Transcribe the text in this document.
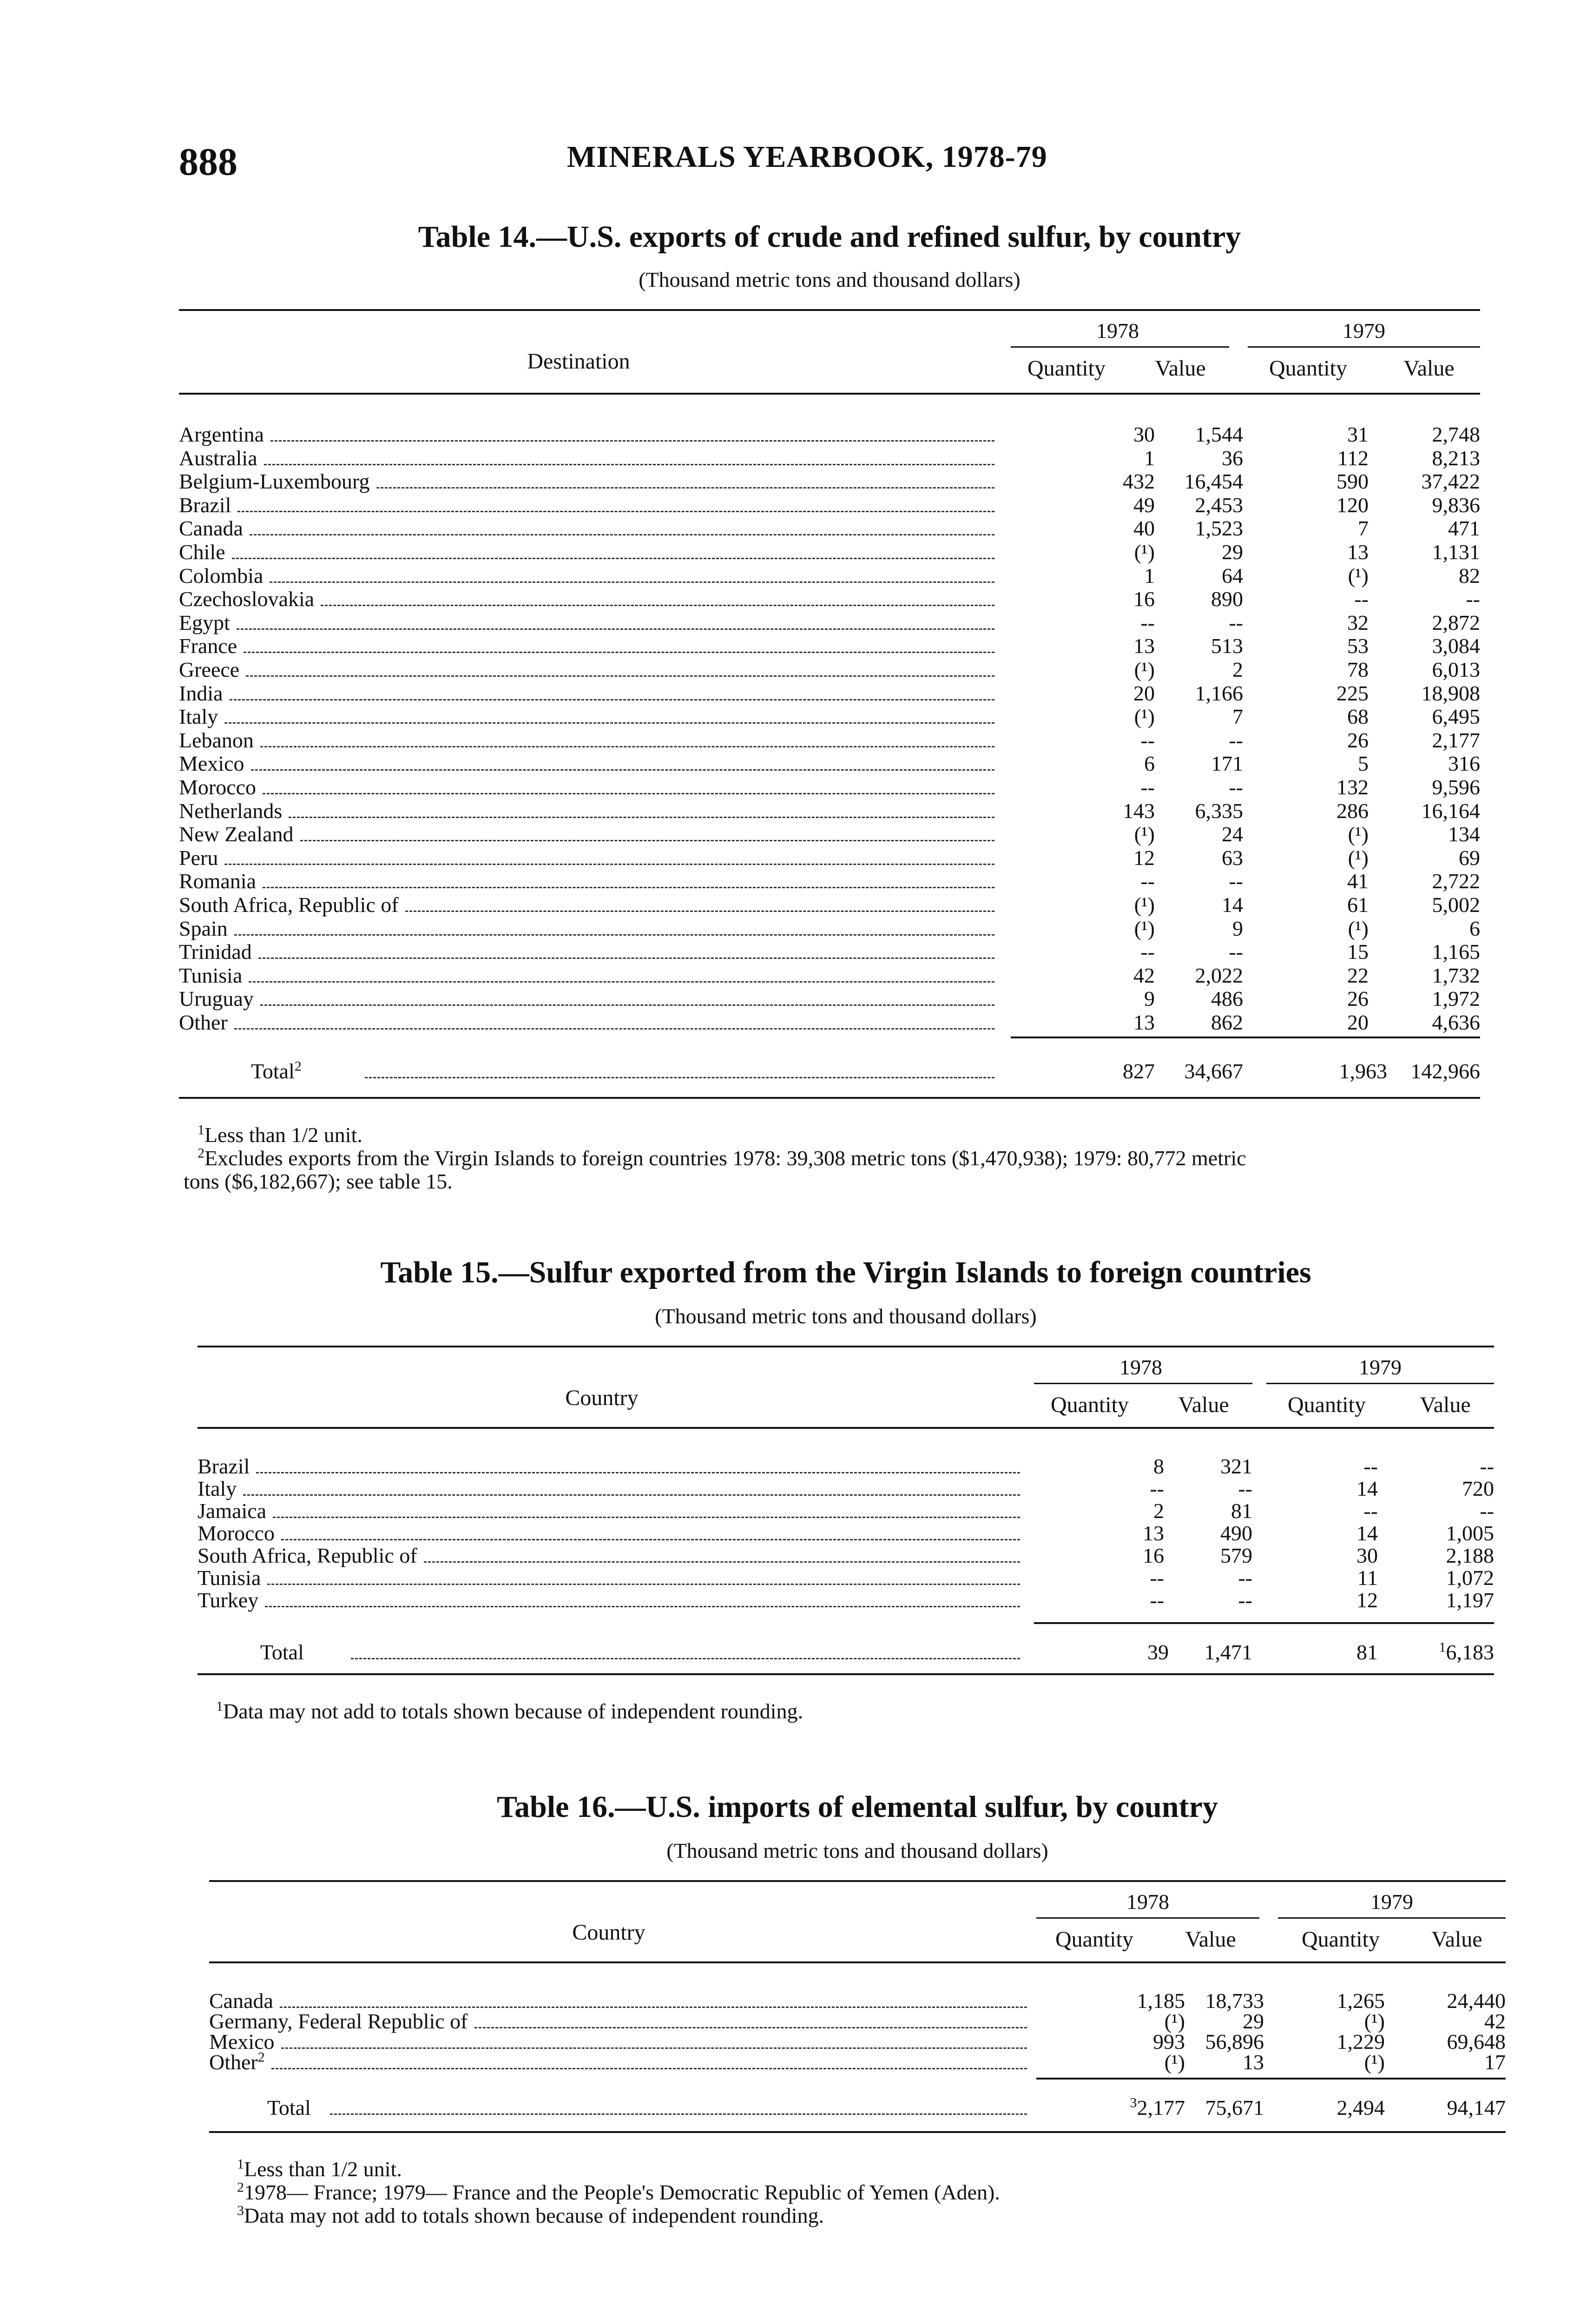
888	MINERALS YEARBOOK, 1978-79
Table 14.—U.S. exports of crude and refined sulfur, by country
(Thousand metric tons and thousand dollars)
1978	1979
Destination	Quantity	Value	Quantity	Value
Argentina	30 1,544	31	2,748
Australia	1	36	112	8,213
Belgium-Luxembourg	432 16,454	590 37,422
Brazil	49 2,453	120	9,836
Canada	40 1,523	7	471
Chile	(¹)	29	13	1,131
Colombia	1	64	(¹)	82
Czechoslovakia	16	890	--	--
Egypt	--	--	32	2,872
France	13	513	53	3,084
Greece	(¹)	2	78	6,013
India	20 1,166	225 18,908
Italy	(¹)	7	68	6,495
Lebanon	--	--	26	2,177
Mexico	6	171	5	316
Morocco	--	--	132	9,596
Netherlands	143 6,335	286 16,164
New Zealand	(¹)	24	(¹)	134
Peru	12	63	(¹)	69
Romania	--	--	41	2,722
South Africa, Republic of	(¹)	14	61	5,002
Spain	(¹)	9	(¹)	6
Trinidad	--	--	15	1,165
Tunisia	42 2,022	22	1,732
Uruguay	9	486	26	1,972
Other	13	862	20	4,636
Total$^2$	827 34,667	1,963 142,966
$^1$Less than 1/2 unit.
$^2$Excludes exports from the Virgin Islands to foreign countries 1978: 39,308 metric tons ($1,470,938); 1979: 80,772 metric
tons ($6,182,667); see table 15.
Table 15.—Sulfur exported from the Virgin Islands to foreign countries
(Thousand metric tons and thousand dollars)
1978	1979
Country	Quantity	Value	Quantity	Value
Brazil	8	321	--	--
Italy	--	--	14	720
Jamaica	2	81	--	--
Morocco	13	490	14	1,005
South Africa, Republic of	16	579	30	2,188
Tunisia	--	--	11	1,072
Turkey	--	--	12	1,197
Total	39 1,471	81	$^1$6,183
$^1$Data may not add to totals shown because of independent rounding.
Table 16.—U.S. imports of elemental sulfur, by country
(Thousand metric tons and thousand dollars)
1978	1979
Country	Quantity	Value	Quantity	Value
Canada	1,185 18,733	1,265	24,440
Germany, Federal Republic of	(¹)	29	(¹)	42
Mexico	993 56,896	1,229	69,648
Other$^2$	(¹)	13	(¹)	17
Total	$^3$2,177 75,671	2,494	94,147
$^1$Less than 1/2 unit.
$^2$1978— France; 1979— France and the People's Democratic Republic of Yemen (Aden).
$^3$Data may not add to totals shown because of independent rounding.
